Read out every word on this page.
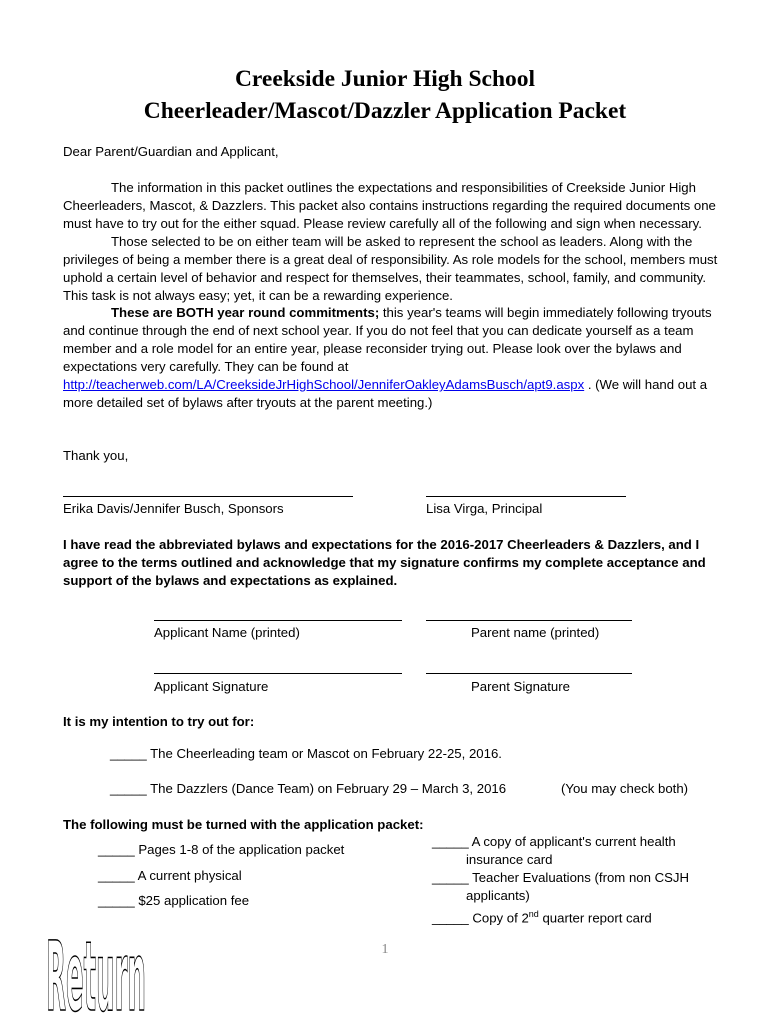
Creekside Junior High School
Cheerleader/Mascot/Dazzler Application Packet
Dear Parent/Guardian and Applicant,
The information in this packet outlines the expectations and responsibilities of Creekside Junior High Cheerleaders, Mascot, & Dazzlers. This packet also contains instructions regarding the required documents one must have to try out for the either squad. Please review carefully all of the following and sign when necessary.
Those selected to be on either team will be asked to represent the school as leaders. Along with the privileges of being a member there is a great deal of responsibility. As role models for the school, members must uphold a certain level of behavior and respect for themselves, their teammates, school, family, and community. This task is not always easy; yet, it can be a rewarding experience.
These are BOTH year round commitments; this year's teams will begin immediately following tryouts and continue through the end of next school year. If you do not feel that you can dedicate yourself as a team member and a role model for an entire year, please reconsider trying out. Please look over the bylaws and expectations very carefully. They can be found at http://teacherweb.com/LA/CreeksideJrHighSchool/JenniferOakleyAdamsBusch/apt9.aspx . (We will hand out a more detailed set of bylaws after tryouts at the parent meeting.)
Thank you,
Erika Davis/Jennifer Busch, Sponsors	Lisa Virga, Principal
I have read the abbreviated bylaws and expectations for the 2016-2017 Cheerleaders & Dazzlers, and I agree to the terms outlined and acknowledge that my signature confirms my complete acceptance and support of the bylaws and expectations as explained.
Applicant Name (printed)	Parent name (printed)
Applicant Signature	Parent Signature
It is my intention to try out for:
_____ The Cheerleading team or Mascot on February 22-25, 2016.
_____ The Dazzlers (Dance Team) on February 29 – March 3, 2016	(You may check both)
The following must be turned with the application packet:
_____ Pages 1-8 of the application packet
_____ A current physical
_____ $25 application fee
_____ A copy of applicant's current health
insurance card
_____ Teacher Evaluations (from non CSJH
applicants)
_____ Copy of 2nd quarter report card
Return	1
